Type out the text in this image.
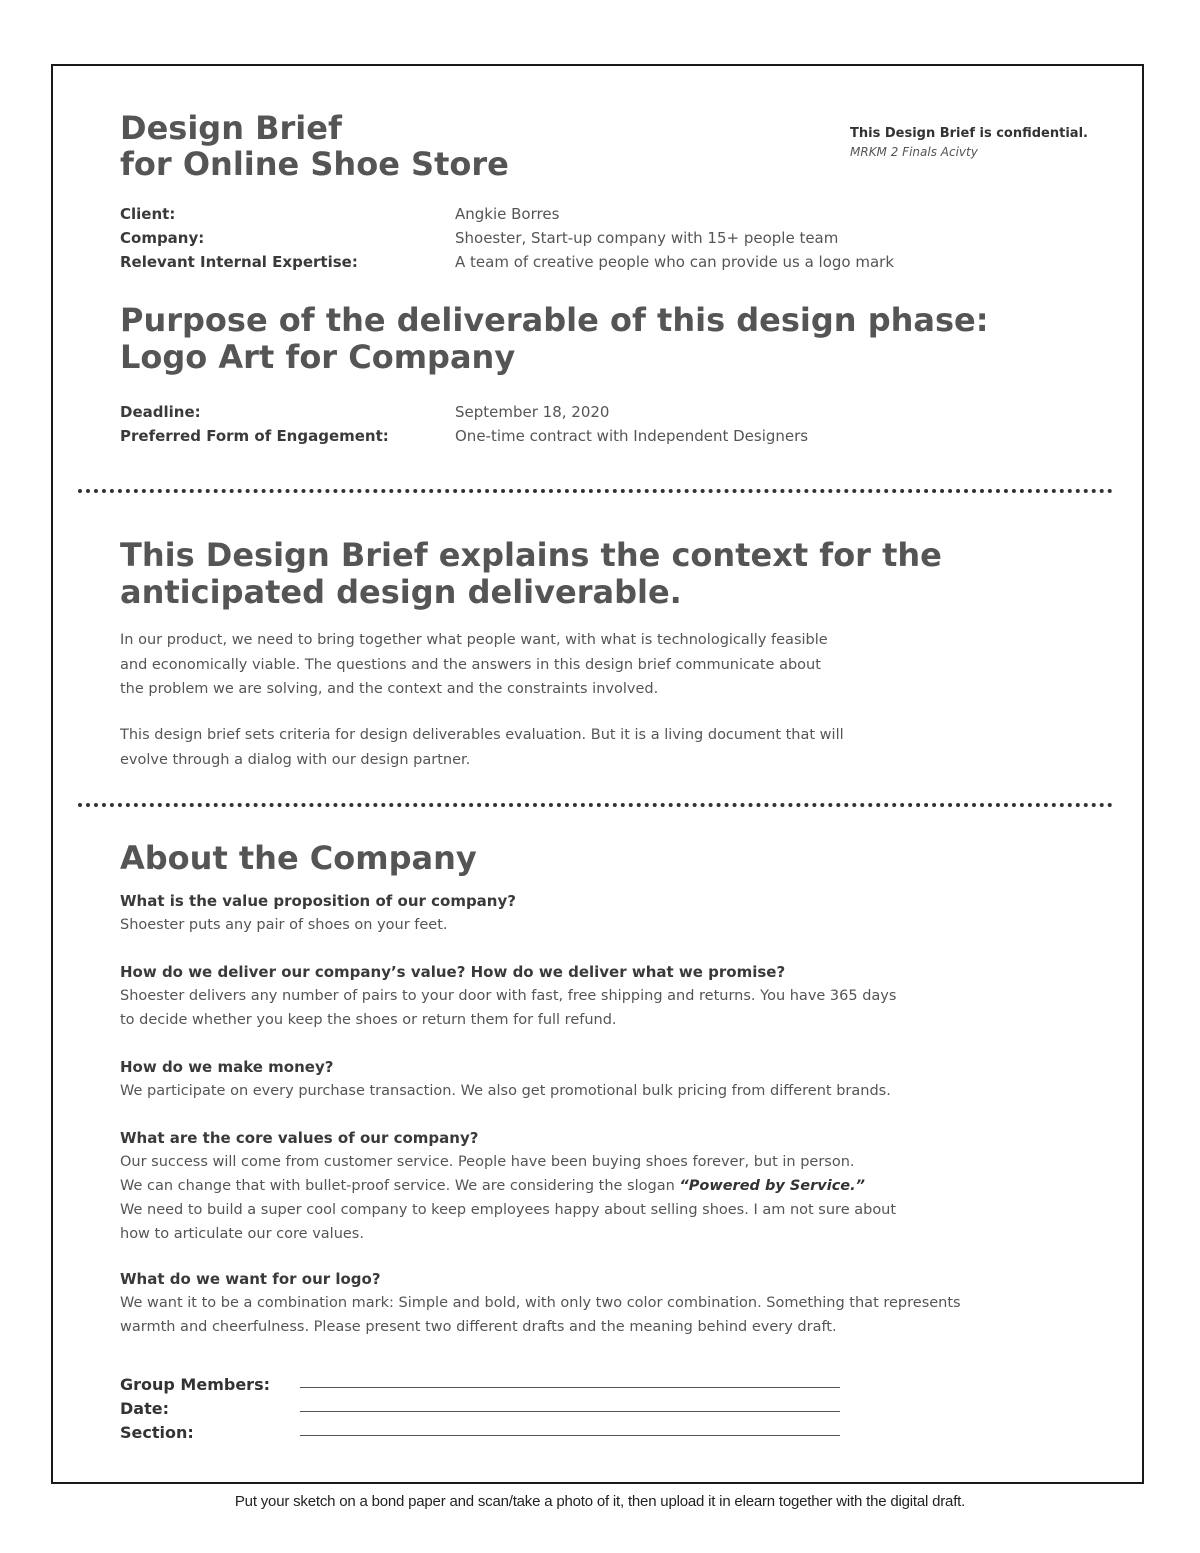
Design Brief
for Online Shoe Store
This Design Brief is confidential.
MRKM 2 Finals Acivty
Client:	Angkie Borres
Company:	Shoester, Start-up company with 15+ people team
Relevant Internal Expertise:	A team of creative people who can provide us a logo mark
Purpose of the deliverable of this design phase:
Logo Art for Company
Deadline:	September 18, 2020
Preferred Form of Engagement:	One-time contract with Independent Designers
This Design Brief explains the context for the
anticipated design deliverable.
In our product, we need to bring together what people want, with what is technologically feasible
and economically viable. The questions and the answers in this design brief communicate about
the problem we are solving, and the context and the constraints involved.
This design brief sets criteria for design deliverables evaluation. But it is a living document that will
evolve through a dialog with our design partner.
About the Company
What is the value proposition of our company?
Shoester puts any pair of shoes on your feet.
How do we deliver our company’s value? How do we deliver what we promise?
Shoester delivers any number of pairs to your door with fast, free shipping and returns. You have 365 days
to decide whether you keep the shoes or return them for full refund.
How do we make money?
We participate on every purchase transaction. We also get promotional bulk pricing from different brands.
What are the core values of our company?
Our success will come from customer service. People have been buying shoes forever, but in person.
We can change that with bullet-proof service. We are considering the slogan “Powered by Service.”
We need to build a super cool company to keep employees happy about selling shoes. I am not sure about
how to articulate our core values.
What do we want for our logo?
We want it to be a combination mark: Simple and bold, with only two color combination. Something that represents
warmth and cheerfulness. Please present two different drafts and the meaning behind every draft.
Group Members:
Date:
Section:
Put your sketch on a bond paper and scan/take a photo of it, then upload it in elearn together with the digital draft.
